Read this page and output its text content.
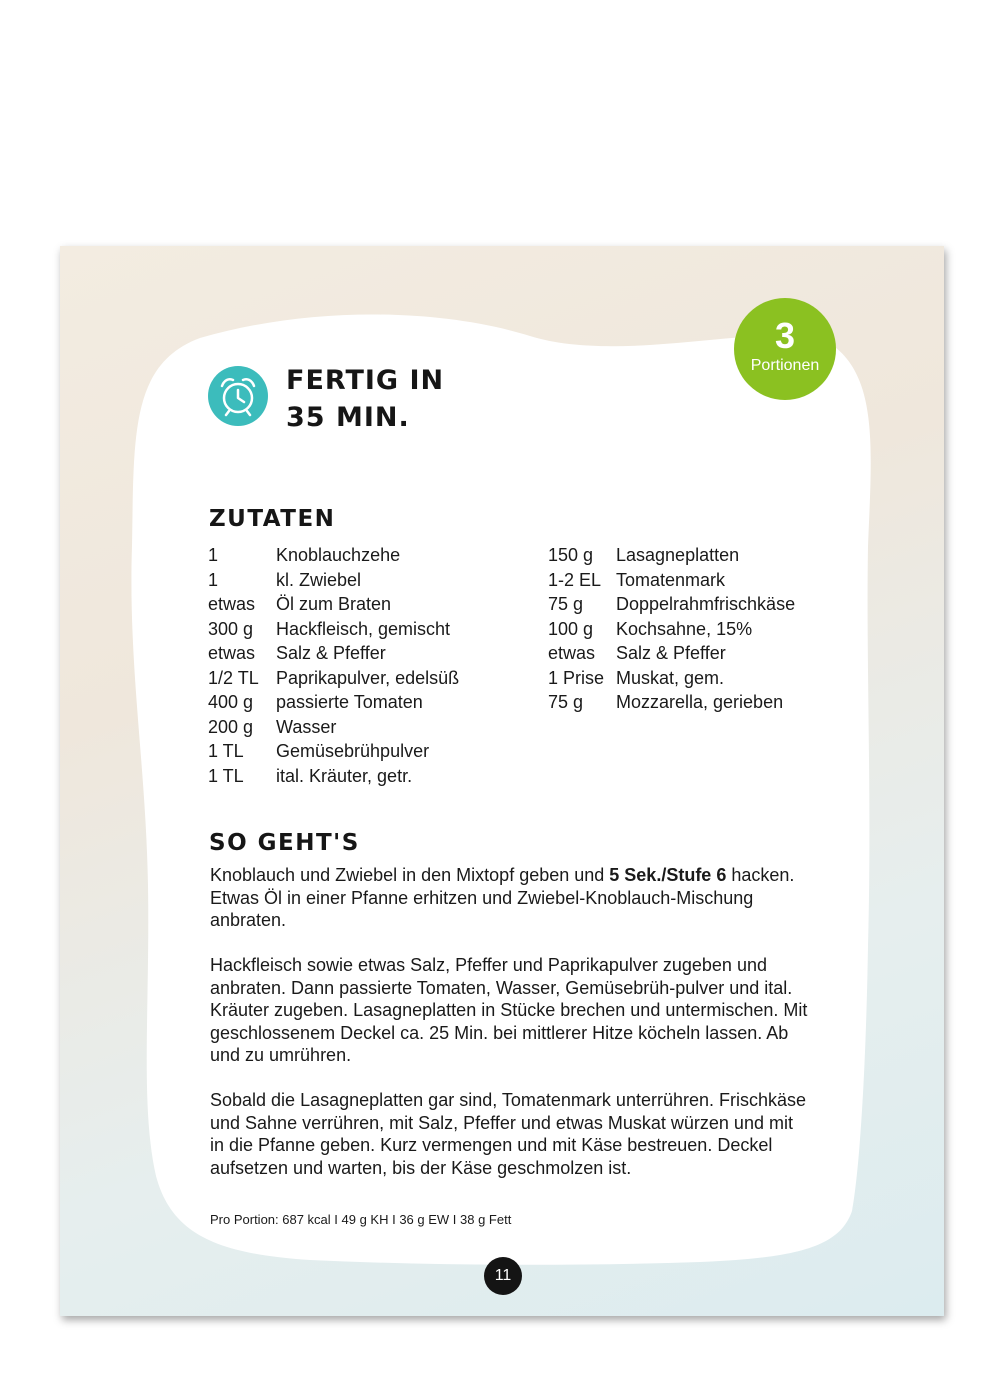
FERTIG IN
35 MIN.
3
Portionen
ZUTATEN
1	Knoblauchzehe
1	kl. Zwiebel
etwas Öl zum Braten
300 g Hackfleisch, gemischt
etwas Salz & Pfeffer
1/2 TL Paprikapulver, edelsüß
400 g passierte Tomaten
200 g Wasser
1 TL Gemüsebrühpulver
1 TL ital. Kräuter, getr.
150 g Lasagneplatten
1-2 EL Tomatenmark
75 g Doppelrahmfrischkäse
100 g Kochsahne, 15%
etwas Salz & Pfeffer
1 Prise Muskat, gem.
75 g Mozzarella, gerieben
SO GEHT'S

Knoblauch und Zwiebel in den Mixtopf geben und 5 Sek./Stufe 6 hacken. Etwas Öl in einer Pfanne erhitzen und Zwiebel-Knoblauch-Mischung anbraten.

Hackfleisch sowie etwas Salz, Pfeffer und Paprikapulver zugeben und anbraten. Dann passierte Tomaten, Wasser, Gemüsebrüh-pulver und ital. Kräuter zugeben. Lasagneplatten in Stücke brechen und untermischen. Mit geschlossenem Deckel ca. 25 Min. bei mittlerer Hitze köcheln lassen. Ab und zu umrühren.

Sobald die Lasagneplatten gar sind, Tomatenmark unterrühren. Frischkäse und Sahne verrühren, mit Salz, Pfeffer und etwas Muskat würzen und mit in die Pfanne geben. Kurz vermengen und mit Käse bestreuen. Deckel aufsetzen und warten, bis der Käse geschmolzen ist.

Pro Portion: 687 kcal I 49 g KH I 36 g EW I 38 g Fett
11
